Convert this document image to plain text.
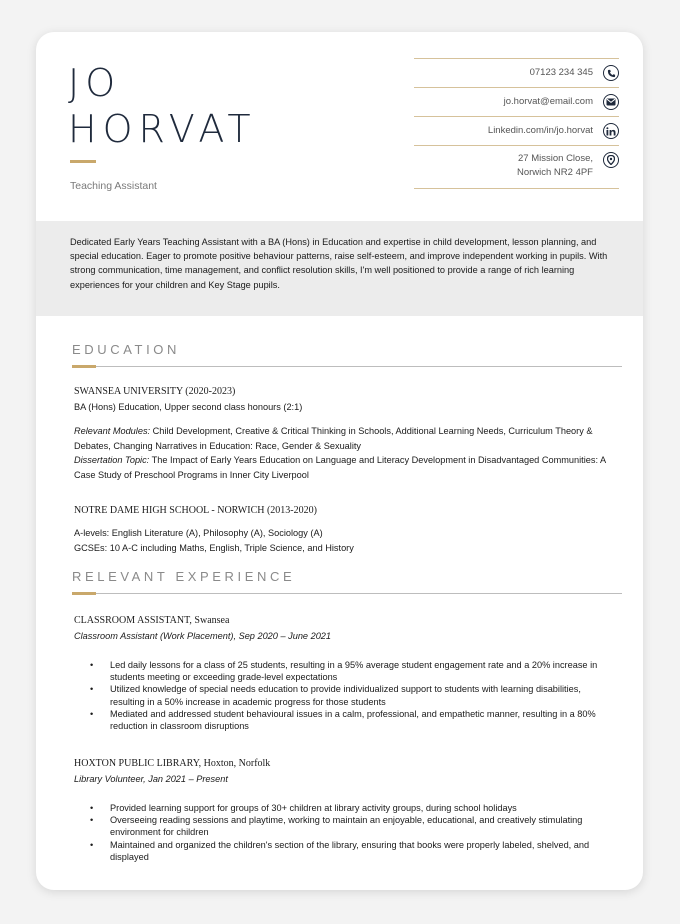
JO
HORVAT
Teaching Assistant
07123 234 345
jo.horvat@email.com
Linkedin.com/in/jo.horvat
27 Mission Close,
Norwich NR2 4PF

Dedicated Early Years Teaching Assistant with a BA (Hons) in Education and expertise in child development, lesson planning, and special education. Eager to promote positive behaviour patterns, raise self-esteem, and improve independent working in pupils. With strong communication, time management, and conflict resolution skills, I'm well positioned to provide a range of rich learning experiences for your children and Key Stage pupils.

EDUCATION
SWANSEA UNIVERSITY (2020-2023)
BA (Hons) Education, Upper second class honours (2:1)
Relevant Modules: Child Development, Creative & Critical Thinking in Schools, Additional Learning Needs, Curriculum Theory & Debates, Changing Narratives in Education: Race, Gender & Sexuality
Dissertation Topic: The Impact of Early Years Education on Language and Literacy Development in Disadvantaged Communities: A Case Study of Preschool Programs in Inner City Liverpool
NOTRE DAME HIGH SCHOOL - NORWICH (2013-2020)
A-levels: English Literature (A), Philosophy (A), Sociology (A)
GCSEs: 10 A-C including Maths, English, Triple Science, and History
RELEVANT EXPERIENCE
CLASSROOM ASSISTANT, Swansea
Classroom Assistant (Work Placement), Sep 2020 – June 2021
• Led daily lessons for a class of 25 students, resulting in a 95% average student engagement rate and a 20% increase in students meeting or exceeding grade-level expectations
• Utilized knowledge of special needs education to provide individualized support to students with learning disabilities, resulting in a 50% increase in academic progress for those students
• Mediated and addressed student behavioural issues in a calm, professional, and empathetic manner, resulting in a 80% reduction in classroom disruptions
HOXTON PUBLIC LIBRARY, Hoxton, Norfolk
Library Volunteer, Jan 2021 – Present
• Provided learning support for groups of 30+ children at library activity groups, during school holidays
• Overseeing reading sessions and playtime, working to maintain an enjoyable, educational, and creatively stimulating environment for children
• Maintained and organized the children's section of the library, ensuring that books were properly labeled, shelved, and displayed
